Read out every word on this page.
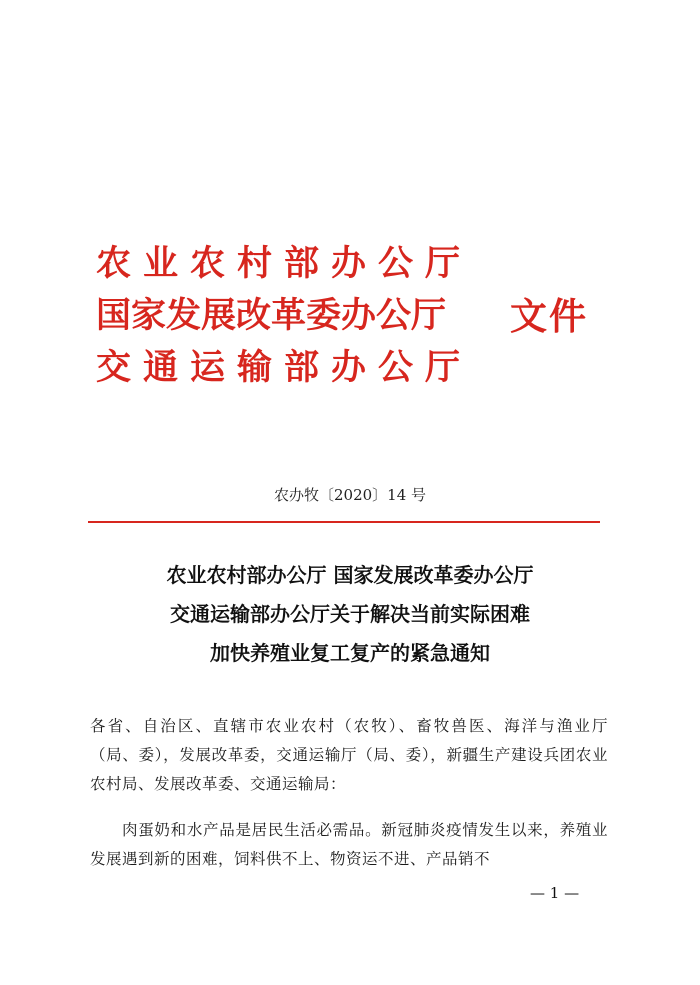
农业农村部办公厅
国家发展改革委办公厅
交通运输部办公厅
文件
农办牧〔2020〕14 号
农业农村部办公厅 国家发展改革委办公厅
交通运输部办公厅关于解决当前实际困难
加快养殖业复工复产的紧急通知
各省、自治区、直辖市农业农村（农牧）、畜牧兽医、海洋与渔业厅（局、委），发展改革委，交通运输厅（局、委），新疆生产建设兵团农业农村局、发展改革委、交通运输局：
肉蛋奶和水产品是居民生活必需品。新冠肺炎疫情发生以来，养殖业发展遇到新的困难，饲料供不上、物资运不进、产品销不
— 1 —
